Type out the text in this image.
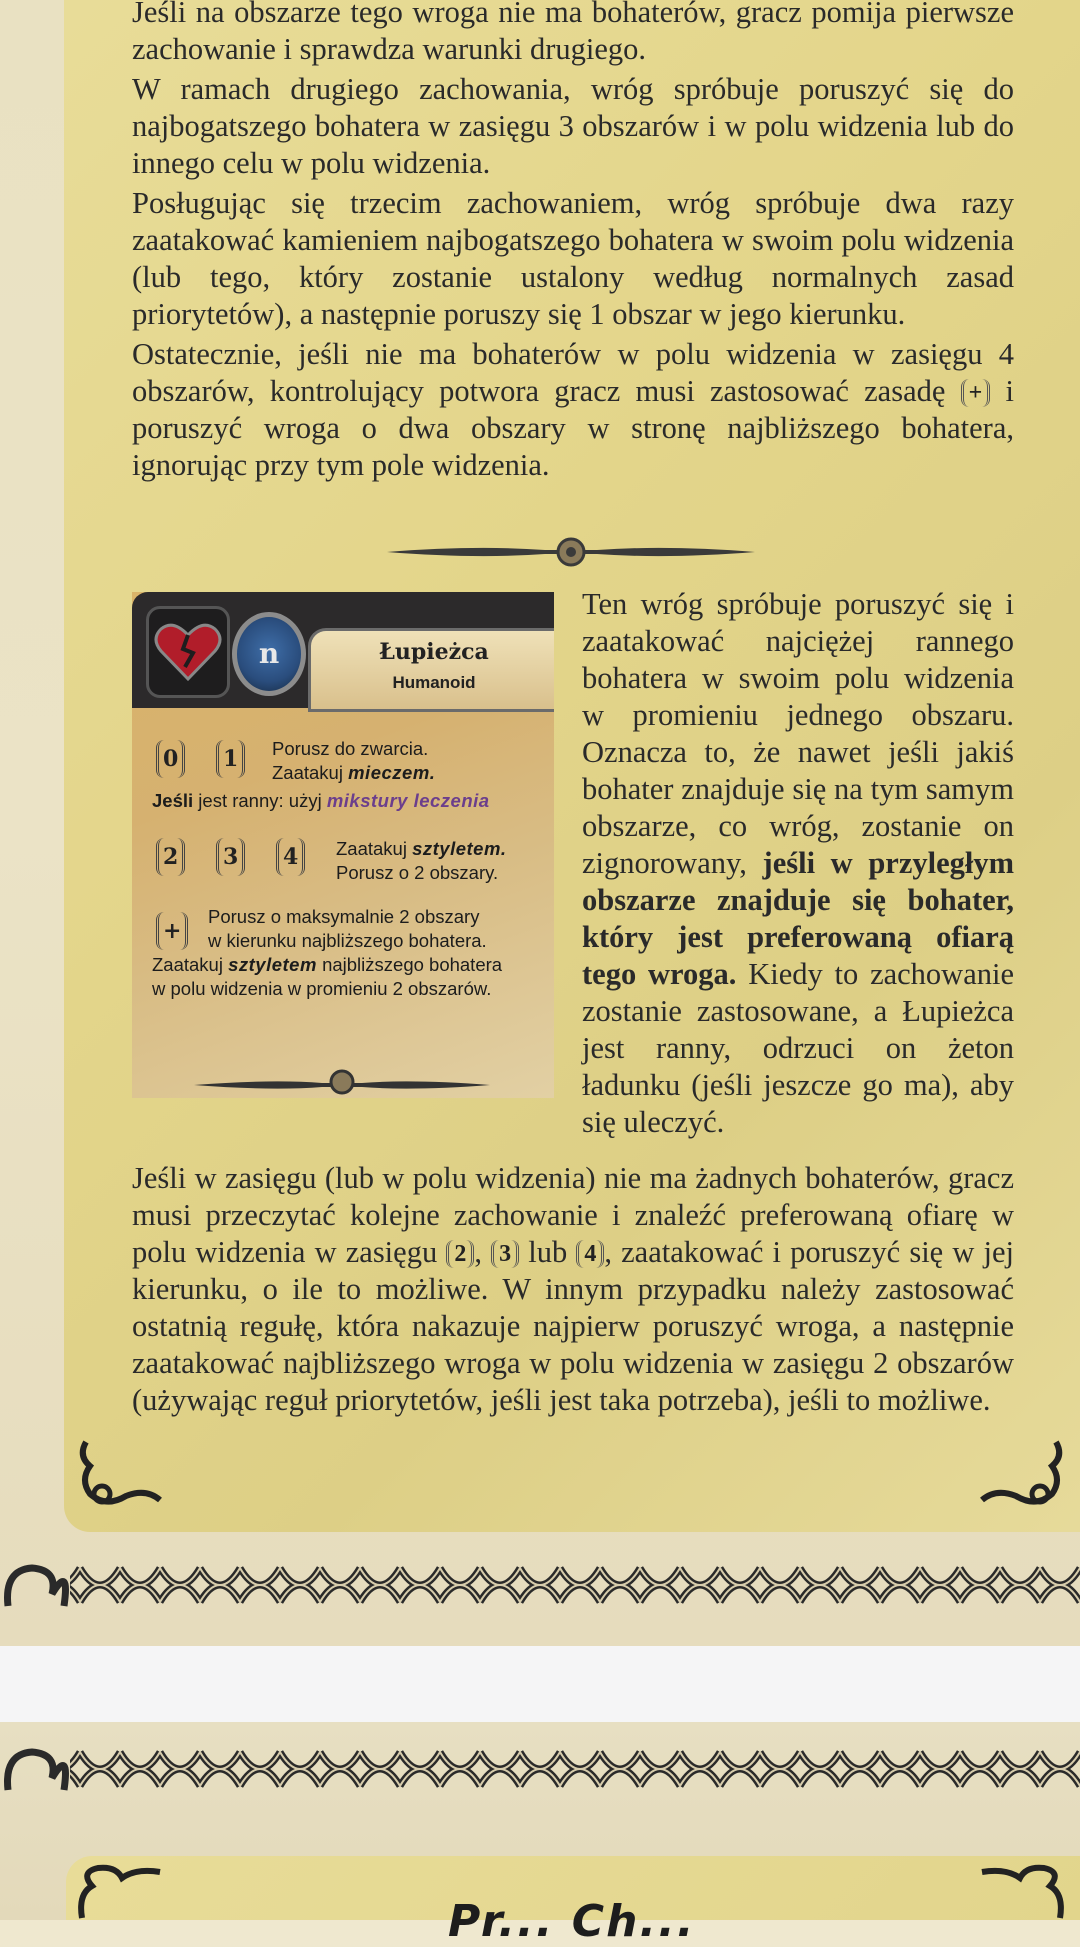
Jeśli na obszarze tego wroga nie ma bohaterów, gracz pomija pierwsze zachowanie i sprawdza warunki drugiego.

W ramach drugiego zachowania, wróg spróbuje poruszyć się do najbogatszego bohatera w zasięgu 3 obszarów i w polu widzenia lub do innego celu w polu widzenia.

Posługując się trzecim zachowaniem, wróg spróbuje dwa razy zaatakować kamieniem najbogatszego bohatera w swoim polu widzenia (lub tego, który zostanie ustalony według normalnych zasad priorytetów), a następnie poruszy się 1 obszar w jego kierunku.

Ostatecznie, jeśli nie ma bohaterów w polu widzenia w zasięgu 4 obszarów, kontrolujący potwora gracz musi zastosować zasadę + i poruszyć wroga o dwa obszary w stronę najbliższego bohatera, ignorując przy tym pole widzenia.

n	Łupieżca
Humanoid
0	1	Porusz do zwarcia.
Zaatakuj mieczem.
Jeśli jest ranny: użyj mikstury leczenia
2	3	4	Zaatakuj sztyletem.
Porusz o 2 obszary.
+
Porusz o maksymalnie 2 obszary
w kierunku najbliższego bohatera.
Zaatakuj sztyletem najbliższego bohatera
w polu widzenia w promieniu 2 obszarów.

Ten wróg spróbuje poruszyć się i zaatakować najciężej rannego bohatera w swoim polu widzenia w promieniu jednego obszaru. Oznacza to, że nawet jeśli jakiś bohater znajduje się na tym samym obszarze, co wróg, zostanie on zignorowany, jeśli w przyległym obszarze znajduje się bohater, który jest preferowaną ofiarą tego wroga. Kiedy to zachowanie zostanie zastosowane, a Łupieżca jest ranny, odrzuci on żeton ładunku (jeśli jeszcze go ma), aby się uleczyć.

Jeśli w zasięgu (lub w polu widzenia) nie ma żadnych bohaterów, gracz musi przeczytać kolejne zachowanie i znaleźć preferowaną ofiarę w polu widzenia w zasięgu 2 , 3 lub 4 , zaatakować i poruszyć się w jej kierunku, o ile to możliwe. W innym przypadku należy zastosować ostatnią regułę, która nakazuje najpierw poruszyć wroga, a następnie zaatakować najbliższego wroga w polu widzenia w zasięgu 2 obszarów (używając reguł priorytetów, jeśli jest taka potrzeba), jeśli to możliwe.

Pr... Ch...
